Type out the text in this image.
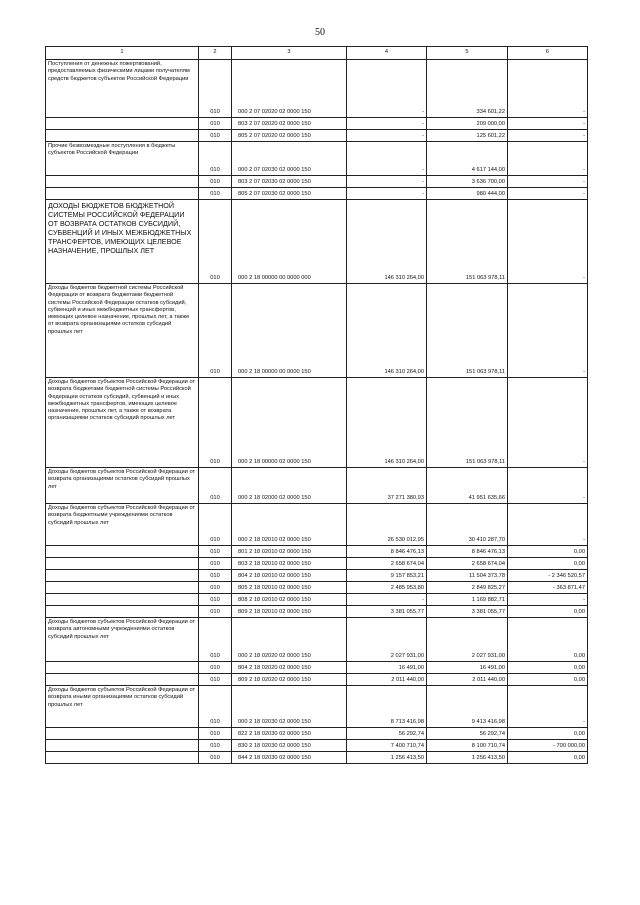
50
1	2	3	4	5	6
Поступления от денежных пожертвований, предоставляемых физическими лицами получателям средств бюджетов субъектов Российской Федерации	010	000 2 07 02020 02 0000 150	-	334 601,22	-
	010	803 2 07 02020 02 0000 150	-	209 000,00	-
	010	805 2 07 02020 02 0000 150	-	125 601,22	-
Прочие безвозмездные поступления в бюджеты субъектов Российской Федерации	010	000 2 07 02030 02 0000 150	-	4 617 144,00	-
	010	803 2 07 02030 02 0000 150	-	3 636 700,00	-
	010	805 2 07 02030 02 0000 150	-	980 444,00	-
ДОХОДЫ БЮДЖЕТОВ БЮДЖЕТНОЙ СИСТЕМЫ РОССИЙСКОЙ ФЕДЕРАЦИИ ОТ ВОЗВРАТА ОСТАТКОВ СУБСИДИЙ, СУБВЕНЦИЙ И ИНЫХ МЕЖБЮДЖЕТНЫХ ТРАНСФЕРТОВ, ИМЕЮЩИХ ЦЕЛЕВОЕ НАЗНАЧЕНИЕ, ПРОШЛЫХ ЛЕТ	010	000 2 18 00000 00 0000 000	146 310 264,00	151 063 978,11	-
Доходы бюджетов бюджетной системы Российской Федерации от возврата бюджетами бюджетной системы Российской Федерации остатков субсидий, субвенций и иных межбюджетных трансфертов, имеющих целевое назначение, прошлых лет, а также от возврата организациями остатков субсидий прошлых лет	010	000 2 18 00000 00 0000 150	146 310 264,00	151 063 978,11	-
Доходы бюджетов субъектов Российской Федерации от возврата бюджетами бюджетной системы Российской Федерации остатков субсидий, субвенций и иных межбюджетных трансфертов, имеющих целевое назначение, прошлых лет, а также от возврата организациями остатков субсидий прошлых лет	010	000 2 18 00000 02 0000 150	146 310 264,00	151 063 978,11	-
Доходы бюджетов субъектов Российской Федерации от возврата организациями остатков субсидий прошлых лет	010	000 2 18 02000 02 0000 150	37 271 380,93	41 951 635,66	-
Доходы бюджетов субъектов Российской Федерации от возврата бюджетными учреждениями остатков субсидий прошлых лет	010	000 2 18 02010 02 0000 150	26 530 012,95	30 410 287,70	-
	010	801 2 18 02010 02 0000 150	8 846 476,13	8 846 476,13	0,00
	010	803 2 18 02010 02 0000 150	2 658 674,04	2 658 674,04	0,00
	010	804 2 18 02010 02 0000 150	9 157 853,21	11 504 373,78	- 2 346 520,57
	010	805 2 18 02010 02 0000 150	2 485 953,80	2 849 825,27	- 363 871,47
	010	808 2 18 02010 02 0000 150	-	1 169 882,71	-
	010	809 2 18 02010 02 0000 150	3 381 055,77	3 381 055,77	0,00
Доходы бюджетов субъектов Российской Федерации от возврата автономными учреждениями остатков субсидий прошлых лет	010	000 2 18 02020 02 0000 150	2 027 931,00	2 027 931,00	0,00
	010	804 2 18 02020 02 0000 150	16 491,00	16 491,00	0,00
	010	809 2 18 02020 02 0000 150	2 011 440,00	2 011 440,00	0,00
Доходы бюджетов субъектов Российской Федерации от возврата иными организациями остатков субсидий прошлых лет	010	000 2 18 02030 02 0000 150	8 713 416,98	9 413 416,98	-
	010	822 2 18 02030 02 0000 150	56 292,74	56 292,74	0,00
	010	830 2 18 02030 02 0000 150	7 400 710,74	8 100 710,74	- 700 000,00
	010	844 2 18 02030 02 0000 150	1 256 413,50	1 256 413,50	0,00
